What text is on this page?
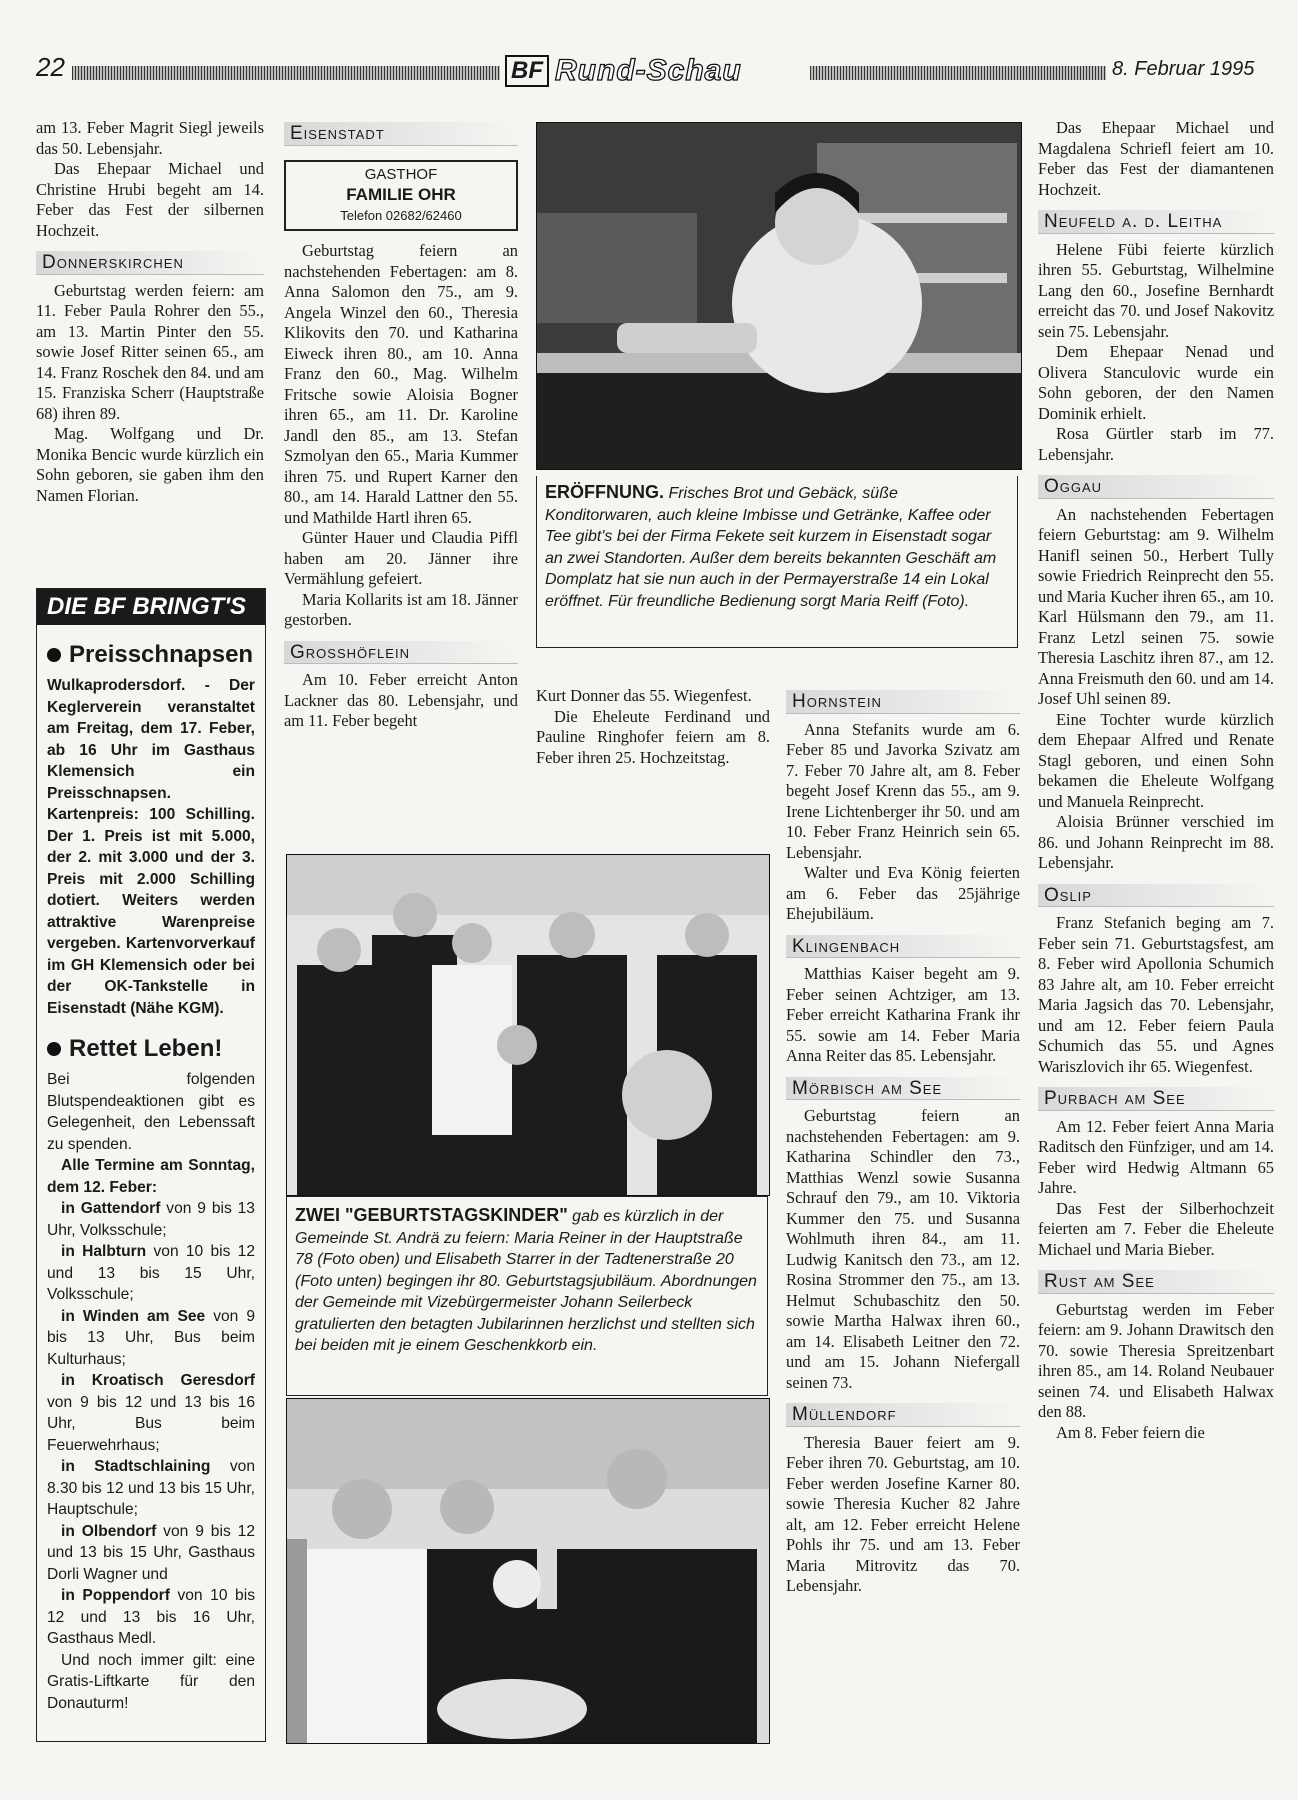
22	BF Rund-Schau	8. Februar 1995

am 13. Feber Magrit Siegl jeweils das 50. Lebensjahr.

Das Ehepaar Michael und Christine Hrubi begeht am 14. Feber das Fest der silbernen Hochzeit.

Donnerskirchen

Geburtstag werden feiern: am 11. Feber Paula Rohrer den 55., am 13. Martin Pinter den 55. sowie Josef Ritter seinen 65., am 14. Franz Roschek den 84. und am 15. Franziska Scherr (Hauptstraße 68) ihren 89.

Mag. Wolfgang und Dr. Monika Bencic wurde kürzlich ein Sohn geboren, sie gaben ihm den Namen Florian.

DIE BF BRINGT'S
Preisschnapsen
Wulkaprodersdorf. - Der Keglerverein veranstaltet am Freitag, dem 17. Feber, ab 16 Uhr im Gasthaus Klemensich ein Preisschnapsen. Kartenpreis: 100 Schilling. Der 1. Preis ist mit 5.000, der 2. mit 3.000 und der 3. Preis mit 2.000 Schilling dotiert. Weiters werden attraktive Warenpreise vergeben. Kartenvorverkauf im GH Klemensich oder bei der OK-Tankstelle in Eisenstadt (Nähe KGM).
Rettet Leben!
Bei folgenden Blutspendeaktionen gibt es Gelegenheit, den Lebenssaft zu spenden.
Alle Termine am Sonntag, dem 12. Feber:
in Gattendorf von 9 bis 13 Uhr, Volksschule;
in Halbturn von 10 bis 12 und 13 bis 15 Uhr, Volksschule;
in Winden am See von 9 bis 13 Uhr, Bus beim Kulturhaus;
in Kroatisch Geresdorf von 9 bis 12 und 13 bis 16 Uhr, Bus beim Feuerwehrhaus;
in Stadtschlaining von 8.30 bis 12 und 13 bis 15 Uhr, Hauptschule;
in Olbendorf von 9 bis 12 und 13 bis 15 Uhr, Gasthaus Dorli Wagner und
in Poppendorf von 10 bis 12 und 13 bis 16 Uhr, Gasthaus Medl.
Und noch immer gilt: eine Gratis-Liftkarte für den Donauturm!
Eisenstadt
GASTHOF
FAMILIE OHR
Telefon 02682/62460

Geburtstag feiern an nachstehenden Febertagen: am 8. Anna Salomon den 75., am 9. Angela Winzel den 60., Theresia Klikovits den 70. und Katharina Eiweck ihren 80., am 10. Anna Franz den 60., Mag. Wilhelm Fritsche sowie Aloisia Bogner ihren 65., am 11. Dr. Karoline Jandl den 85., am 13. Stefan Szmolyan den 65., Maria Kummer ihren 75. und Rupert Karner den 80., am 14. Harald Lattner den 55. und Mathilde Hartl ihren 65.

Günter Hauer und Claudia Piffl haben am 20. Jänner ihre Vermählung gefeiert.

Maria Kollarits ist am 18. Jänner gestorben.

Grosshöflein

Am 10. Feber erreicht Anton Lackner das 80. Lebensjahr, und am 11. Feber begeht

ERÖFFNUNG. Frisches Brot und Gebäck, süße Konditorwaren, auch kleine Imbisse und Getränke, Kaffee oder Tee gibt's bei der Firma Fekete seit kurzem in Eisenstadt sogar an zwei Standorten. Außer dem bereits bekannten Geschäft am Domplatz hat sie nun auch in der Permayerstraße 14 ein Lokal eröffnet. Für freundliche Bedienung sorgt Maria Reiff (Foto).

Kurt Donner das 55. Wiegenfest.

Die Eheleute Ferdinand und Pauline Ringhofer feiern am 8. Feber ihren 25. Hochzeitstag.

ZWEI "GEBURTSTAGSKINDER" gab es kürzlich in der Gemeinde St. Andrä zu feiern: Maria Reiner in der Hauptstraße 78 (Foto oben) und Elisabeth Starrer in der Tadtenerstraße 20 (Foto unten) begingen ihr 80. Geburtstagsjubiläum. Abordnungen der Gemeinde mit Vizebürgermeister Johann Seilerbeck gratulierten den betagten Jubilarinnen herzlichst und stellten sich bei beiden mit je einem Geschenkkorb ein.
Hornstein

Anna Stefanits wurde am 6. Feber 85 und Javorka Szivatz am 7. Feber 70 Jahre alt, am 8. Feber begeht Josef Krenn das 55., am 9. Irene Lichtenberger ihr 50. und am 10. Feber Franz Heinrich sein 65. Lebensjahr.

Walter und Eva König feierten am 6. Feber das 25jährige Ehejubiläum.

Klingenbach

Matthias Kaiser begeht am 9. Feber seinen Achtziger, am 13. Feber erreicht Katharina Frank ihr 55. sowie am 14. Feber Maria Anna Reiter das 85. Lebensjahr.

Mörbisch am See

Geburtstag feiern an nachstehenden Febertagen: am 9. Katharina Schindler den 73., Matthias Wenzl sowie Susanna Schrauf den 79., am 10. Viktoria Kummer den 75. und Susanna Wohlmuth ihren 84., am 11. Ludwig Kanitsch den 73., am 12. Rosina Strommer den 75., am 13. Helmut Schubaschitz den 50. sowie Martha Halwax ihren 60., am 14. Elisabeth Leitner den 72. und am 15. Johann Niefergall seinen 73.

Müllendorf

Theresia Bauer feiert am 9. Feber ihren 70. Geburtstag, am 10. Feber werden Josefine Karner 80. sowie Theresia Kucher 82 Jahre alt, am 12. Feber erreicht Helene Pohls ihr 75. und am 13. Feber Maria Mitrovitz das 70. Lebensjahr.

Das Ehepaar Michael und Magdalena Schriefl feiert am 10. Feber das Fest der diamantenen Hochzeit.

Neufeld a. d. Leitha

Helene Fübi feierte kürzlich ihren 55. Geburtstag, Wilhelmine Lang den 60., Josefine Bernhardt erreicht das 70. und Josef Nakovitz sein 75. Lebensjahr.

Dem Ehepaar Nenad und Olivera Stanculovic wurde ein Sohn geboren, der den Namen Dominik erhielt.

Rosa Gürtler starb im 77. Lebensjahr.

Oggau

An nachstehenden Febertagen feiern Geburtstag: am 9. Wilhelm Hanifl seinen 50., Herbert Tully sowie Friedrich Reinprecht den 55. und Maria Kucher ihren 65., am 10. Karl Hülsmann den 79., am 11. Franz Letzl seinen 75. sowie Theresia Laschitz ihren 87., am 12. Anna Freismuth den 60. und am 14. Josef Uhl seinen 89.

Eine Tochter wurde kürzlich dem Ehepaar Alfred und Renate Stagl geboren, und einen Sohn bekamen die Eheleute Wolfgang und Manuela Reinprecht.

Aloisia Brünner verschied im 86. und Johann Reinprecht im 88. Lebensjahr.

Oslip

Franz Stefanich beging am 7. Feber sein 71. Geburtstagsfest, am 8. Feber wird Apollonia Schumich 83 Jahre alt, am 10. Feber erreicht Maria Jagsich das 70. Lebensjahr, und am 12. Feber feiern Paula Schumich das 55. und Agnes Wariszlovich ihr 65. Wiegenfest.

Purbach am See

Am 12. Feber feiert Anna Maria Raditsch den Fünfziger, und am 14. Feber wird Hedwig Altmann 65 Jahre.

Das Fest der Silberhochzeit feierten am 7. Feber die Eheleute Michael und Maria Bieber.

Rust am See

Geburtstag werden im Feber feiern: am 9. Johann Drawitsch den 70. sowie Theresia Spreitzenbart ihren 85., am 14. Roland Neubauer seinen 74. und Elisabeth Halwax den 88.

Am 8. Feber feiern die
